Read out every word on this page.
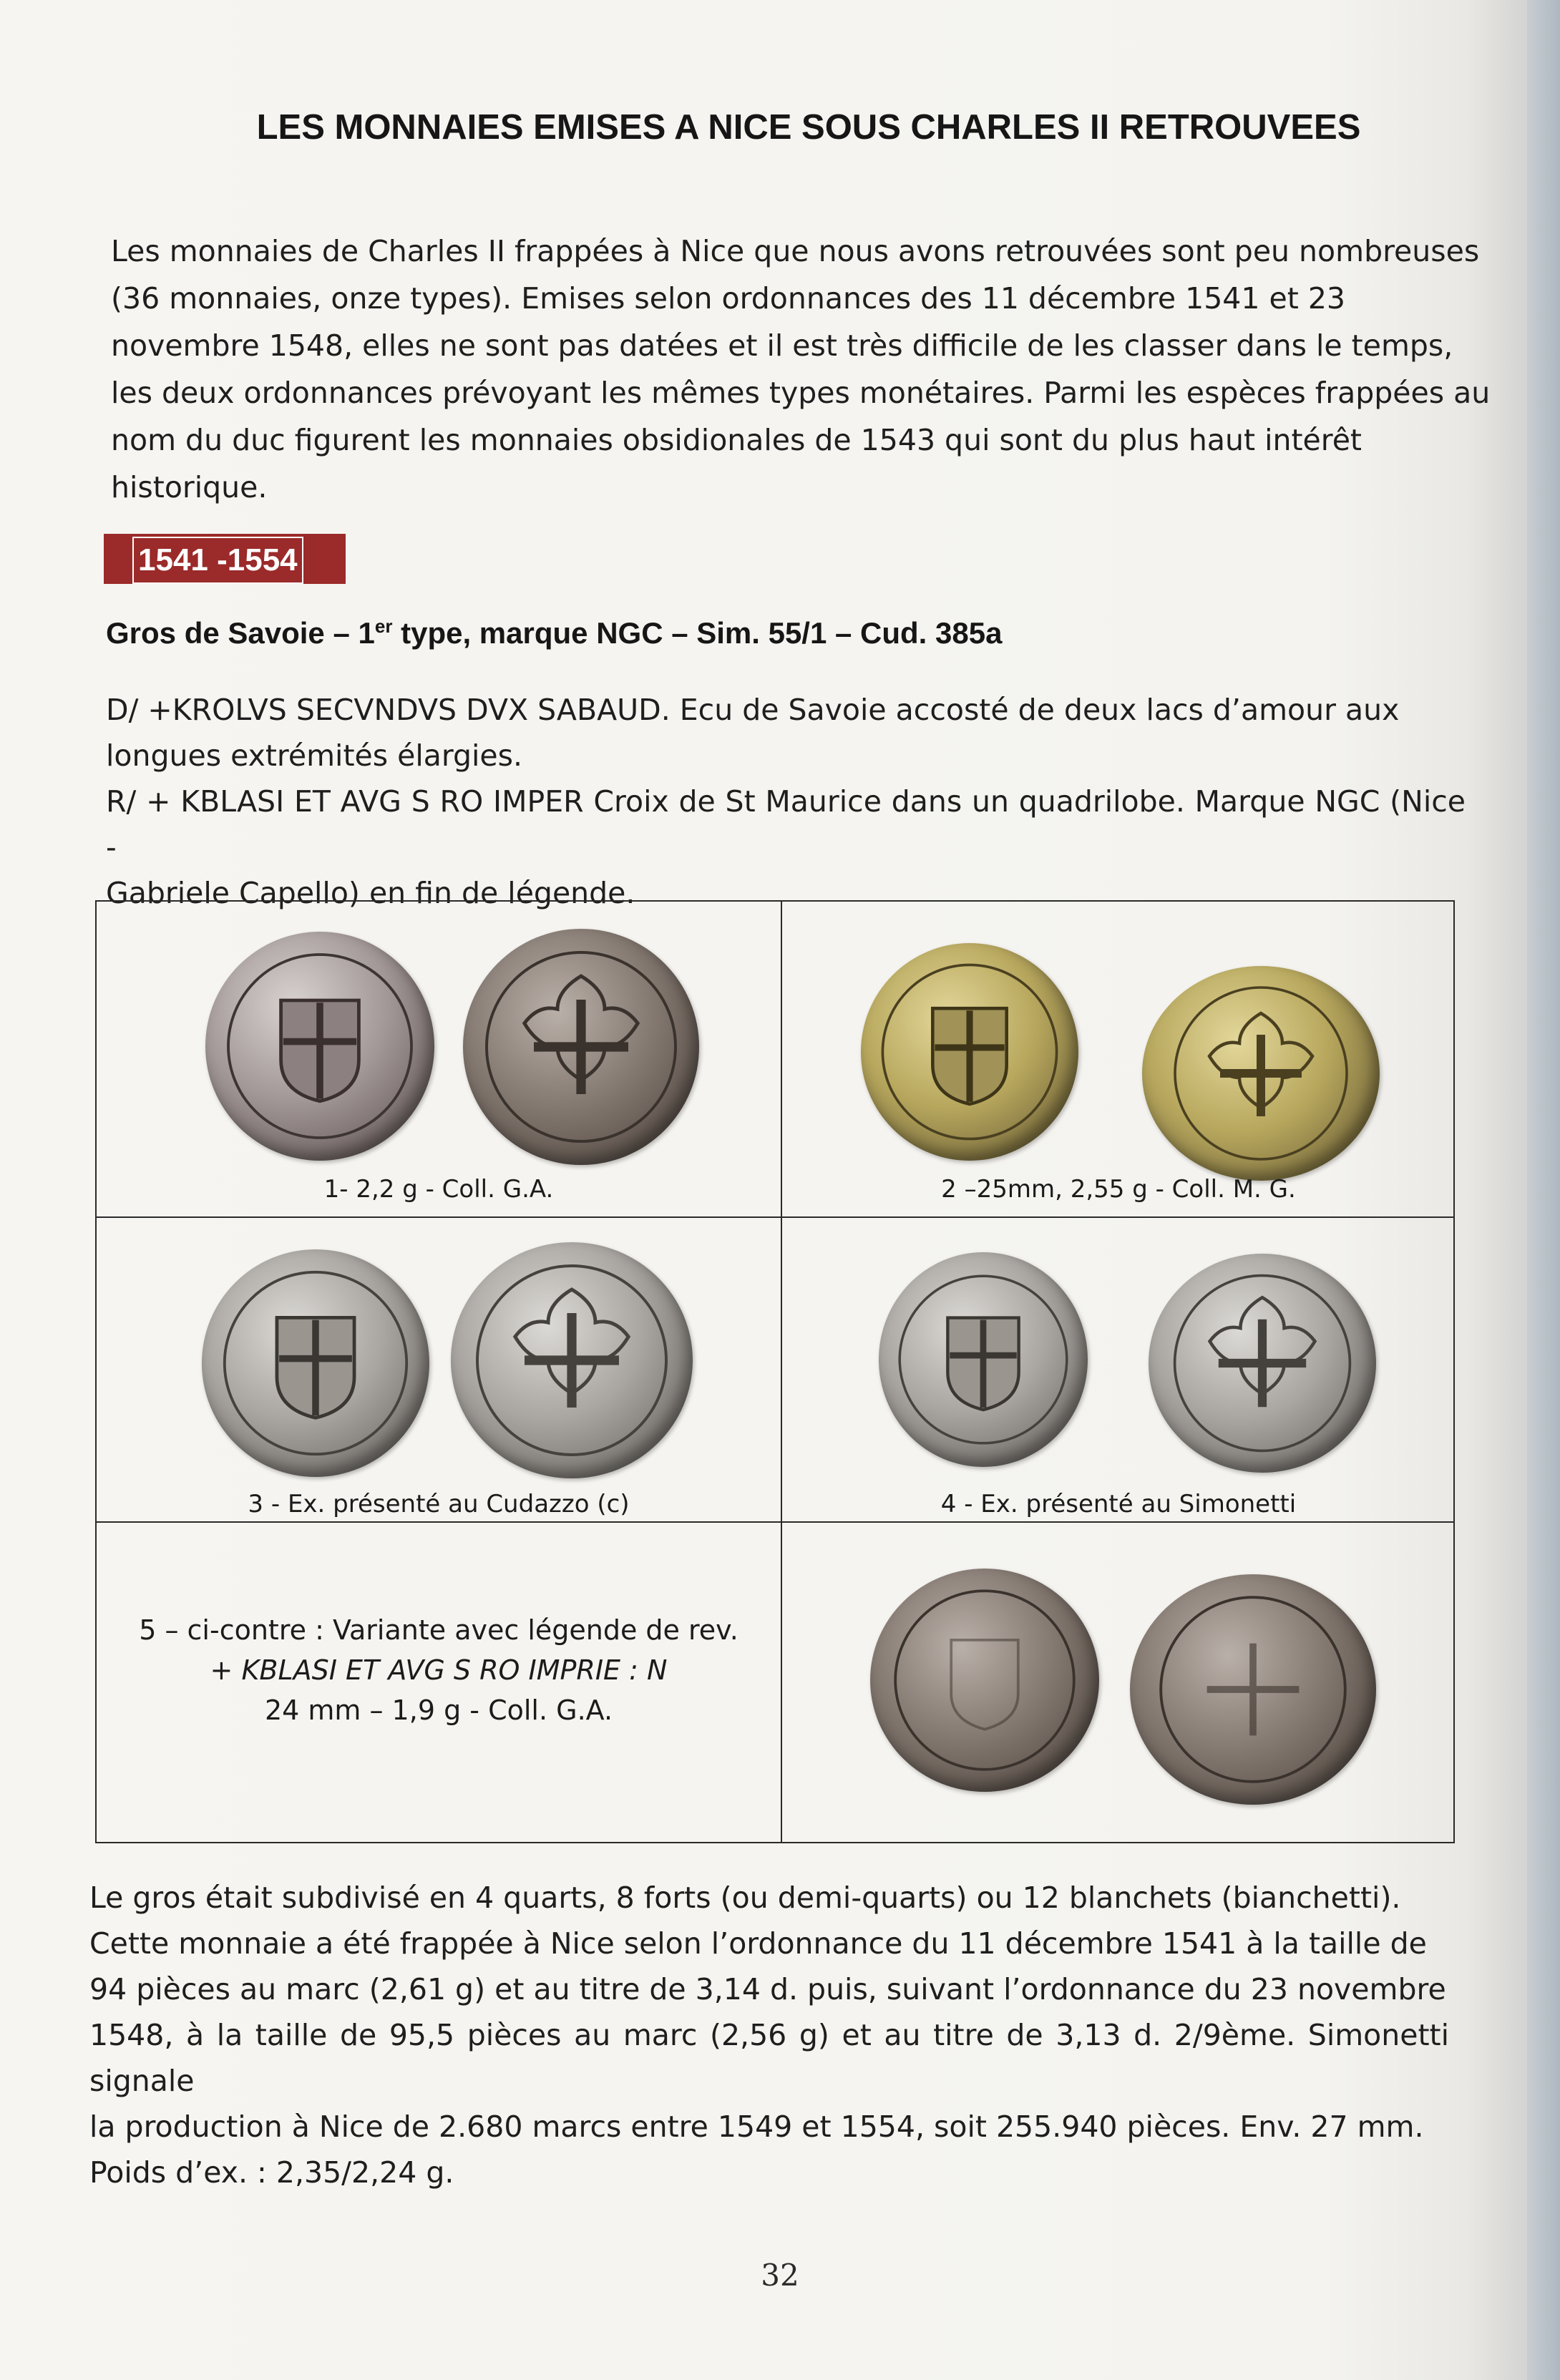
LES MONNAIES EMISES A NICE SOUS CHARLES II RETROUVEES
Les monnaies de Charles II frappées à Nice que nous avons retrouvées sont peu nombreuses
(36 monnaies, onze types). Emises selon ordonnances des 11 décembre 1541 et 23
novembre 1548, elles ne sont pas datées et il est très difficile de les classer dans le temps,
les deux ordonnances prévoyant les mêmes types monétaires. Parmi les espèces frappées au
nom du duc figurent les monnaies obsidionales de 1543 qui sont du plus haut intérêt
historique.
1541 -1554
Gros de Savoie – 1er type, marque NGC – Sim. 55/1 – Cud. 385a
D/ +KROLVS SECVNDVS DVX SABAUD. Ecu de Savoie accosté de deux lacs d’amour aux
longues extrémités élargies.
R/ + KBLASI ET AVG S RO IMPER Croix de St Maurice dans un quadrilobe. Marque NGC (Nice -
Gabriele Capello) en fin de légende.
1- 2,2 g - Coll. G.A.	2 –25mm, 2,55 g - Coll. M. G.
3 - Ex. présenté au Cudazzo (c)	4 - Ex. présenté au Simonetti
5 – ci-contre : Variante avec légende de rev.
+ KBLASI ET AVG S RO IMPRIE : N
24 mm – 1,9 g - Coll. G.A.
Le gros était subdivisé en 4 quarts, 8 forts (ou demi-quarts) ou 12 blanchets (bianchetti).
Cette monnaie a été frappée à Nice selon l’ordonnance du 11 décembre 1541 à la taille de
94 pièces au marc (2,61 g) et au titre de 3,14 d. puis, suivant l’ordonnance du 23 novembre
1548, à la taille de 95,5 pièces au marc (2,56 g) et au titre de 3,13 d. 2/9ème. Simonetti signale
la production à Nice de 2.680 marcs entre 1549 et 1554, soit 255.940 pièces. Env. 27 mm.
Poids d’ex. : 2,35/2,24 g.
32
